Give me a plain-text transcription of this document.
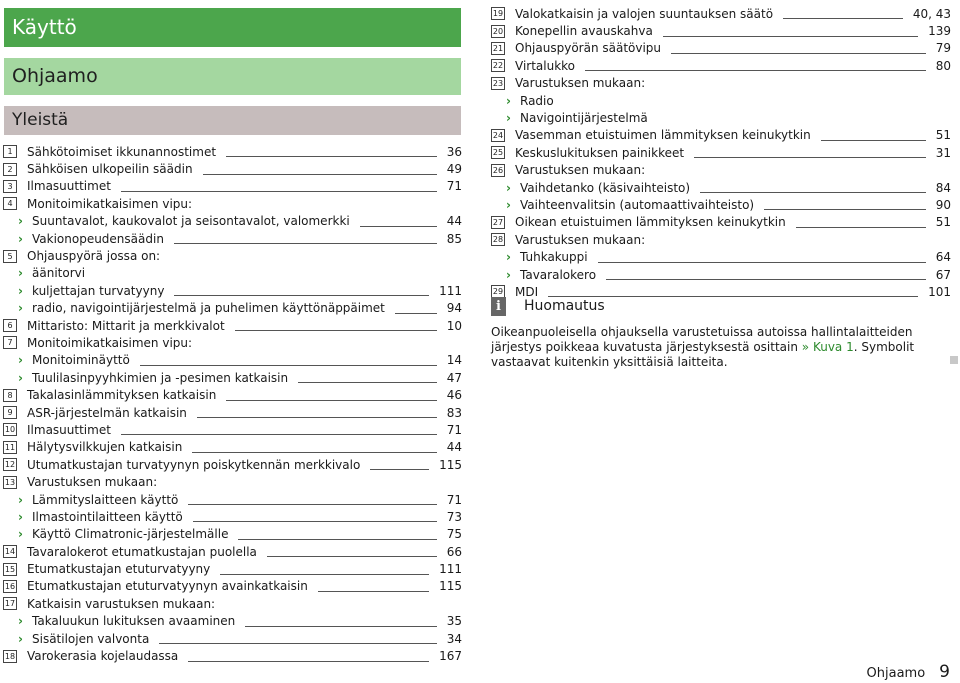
Käyttö
Ohjaamo
Yleistä
1	Sähkötoimiset ikkunannostimet	36
2	Sähköisen ulkopeilin säädin	49
3	Ilmasuuttimet	71
4	Monitoimikatkaisimen vipu:
› Suuntavalot, kaukovalot ja seisontavalot, valomerkki	44
› Vakionopeudensäädin	85
5	Ohjauspyörä jossa on:
› äänitorvi
› kuljettajan turvatyyny	111
› radio, navigointijärjestelmä ja puhelimen käyttönäppäimet	94
6	Mittaristo: Mittarit ja merkkivalot	10
7	Monitoimikatkaisimen vipu:
› Monitoiminäyttö	14
› Tuulilasinpyyhkimien ja -pesimen katkaisin	47
8	Takalasinlämmityksen katkaisin	46
9	ASR-järjestelmän katkaisin	83
10 Ilmasuuttimet	71
11 Hälytysvilkkujen katkaisin	44
12 Utumatkustajan turvatyynyn poiskytkennän merkkivalo	115
13 Varustuksen mukaan:
› Lämmityslaitteen käyttö	71
› Ilmastointilaitteen käyttö	73
› Käyttö Climatronic-järjestelmälle	75
14 Tavaralokerot etumatkustajan puolella	66
15 Etumatkustajan etuturvatyyny	111
16 Etumatkustajan etuturvatyynyn avainkatkaisin	115
17 Katkaisin varustuksen mukaan:
› Takaluukun lukituksen avaaminen	35
› Sisätilojen valvonta	34
18 Varokerasia kojelaudassa	167
19 Valokatkaisin ja valojen suuntauksen säätö	40, 43
20 Konepellin avauskahva	139
21 Ohjauspyörän säätövipu	79
22 Virtalukko	80
23 Varustuksen mukaan:
› Radio
› Navigointijärjestelmä
24 Vasemman etuistuimen lämmityksen keinukytkin	51
25 Keskuslukituksen painikkeet	31
26 Varustuksen mukaan:
› Vaihdetanko (käsivaihteisto)	84
› Vaihteenvalitsin (automaattivaihteisto)	90
27 Oikean etuistuimen lämmityksen keinukytkin	51
28 Varustuksen mukaan:
› Tuhkakuppi	64
› Tavaralokero	67
29 MDI	101
i	Huomautus
Oikeanpuoleisella ohjauksella varustetuissa autoissa hallintalaitteiden järjestys poikkeaa kuvatusta järjestyksestä osittain » Kuva 1. Symbolit vastaavat kuitenkin yksittäisiä laitteita.
Ohjaamo 9
